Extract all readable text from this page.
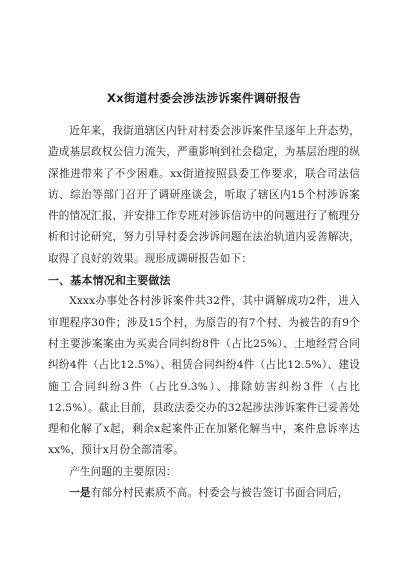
Xx街道村委会涉法涉诉案件调研报告

近年来，我街道辖区内针对村委会涉诉案件呈逐年上升态势，造成基层政权公信力流失，严重影响到社会稳定，为基层治理的纵深推进带来了不少困难。xx街道按照县委工作要求，联合司法信访、综治等部门召开了调研座谈会，听取了辖区内15个村涉诉案件的情况汇报，并安排工作专班对涉诉信访中的问题进行了梳理分析和讨论研究，努力引导村委会涉诉问题在法治轨道内妥善解决，取得了良好的效果。现形成调研报告如下：

一、基本情况和主要做法

Xxxx办事处各村涉诉案件共32件，其中调解成功2件，进入审理程序30件；涉及15个村，为原告的有7个村、为被告的有9个村主要涉案案由为买卖合同纠纷8件（占比25%）、土地经营合同纠纷4件（占比12.5%）、租赁合同纠纷4件（占比12.5%）、建设施工合同纠纷3件（占比9.3%）、排除妨害纠纷3件（占比12.5%）。截止目前，县政法委交办的32起涉法涉诉案件已妥善处理和化解了x起，剩余x起案件正在加紧化解当中，案件息诉率达xx%，预计x月份全部清零。

产生问题的主要原因：

一是有部分村民素质不高。村委会与被告签订书面合同后，
